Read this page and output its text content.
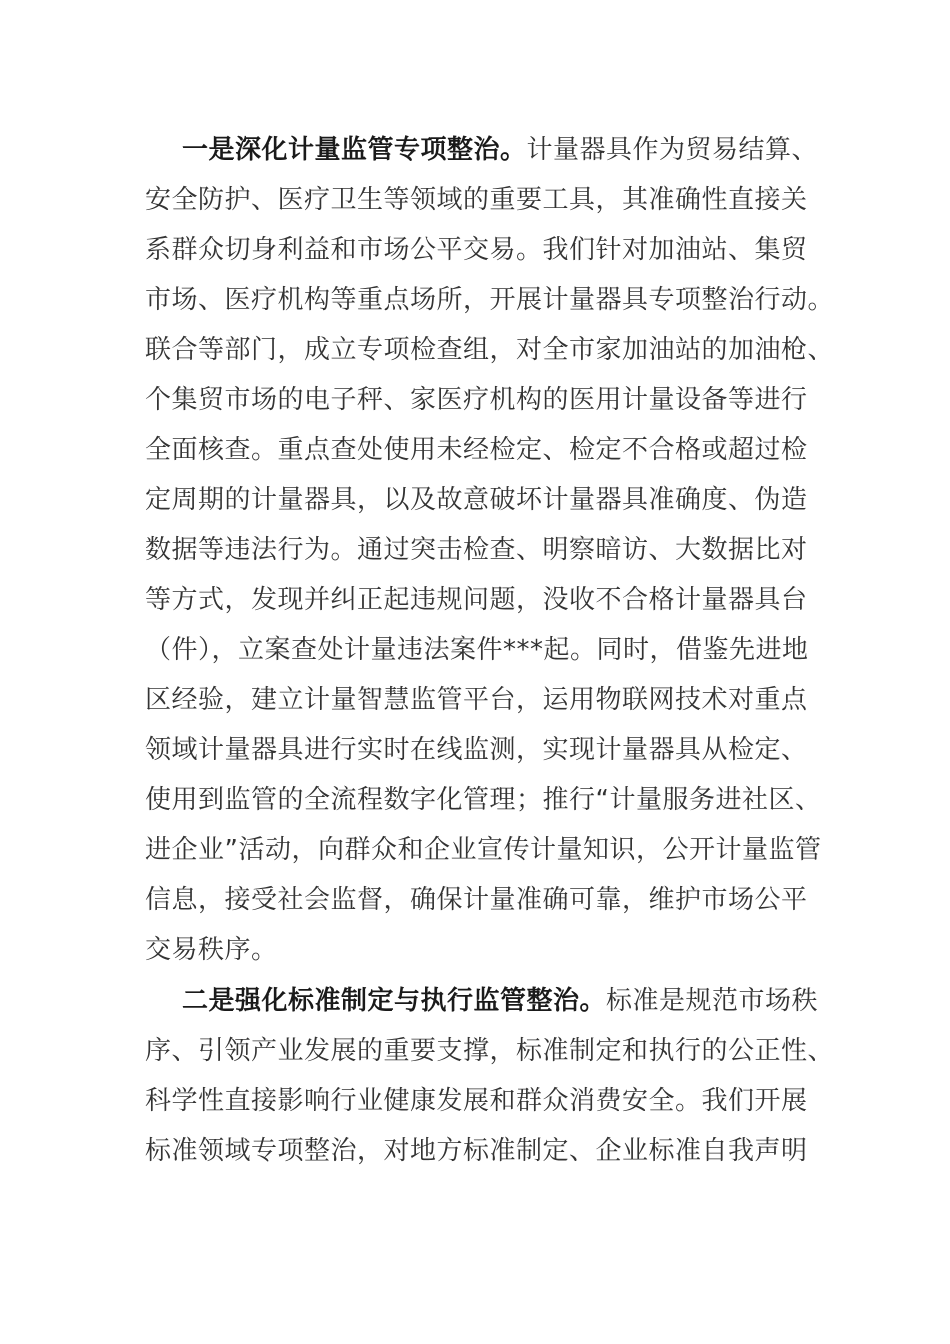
一是深化计量监管专项整治。计量器具作为贸易结算、
安全防护、医疗卫生等领域的重要工具，其准确性直接关
系群众切身利益和市场公平交易。我们针对加油站、集贸
市场、医疗机构等重点场所，开展计量器具专项整治行动。
联合等部门，成立专项检查组，对全市家加油站的加油枪、
个集贸市场的电子秤、家医疗机构的医用计量设备等进行
全面核查。重点查处使用未经检定、检定不合格或超过检
定周期的计量器具，以及故意破坏计量器具准确度、伪造
数据等违法行为。通过突击检查、明察暗访、大数据比对
等方式，发现并纠正起违规问题，没收不合格计量器具台
（件），立案查处计量违法案件***起。同时，借鉴先进地
区经验，建立计量智慧监管平台，运用物联网技术对重点
领域计量器具进行实时在线监测，实现计量器具从检定、
使用到监管的全流程数字化管理；推行“计量服务进社区、
进企业”活动，向群众和企业宣传计量知识，公开计量监管
信息，接受社会监督，确保计量准确可靠，维护市场公平
交易秩序。
二是强化标准制定与执行监管整治。标准是规范市场秩
序、引领产业发展的重要支撑，标准制定和执行的公正性、
科学性直接影响行业健康发展和群众消费安全。我们开展
标准领域专项整治，对地方标准制定、企业标准自我声明
